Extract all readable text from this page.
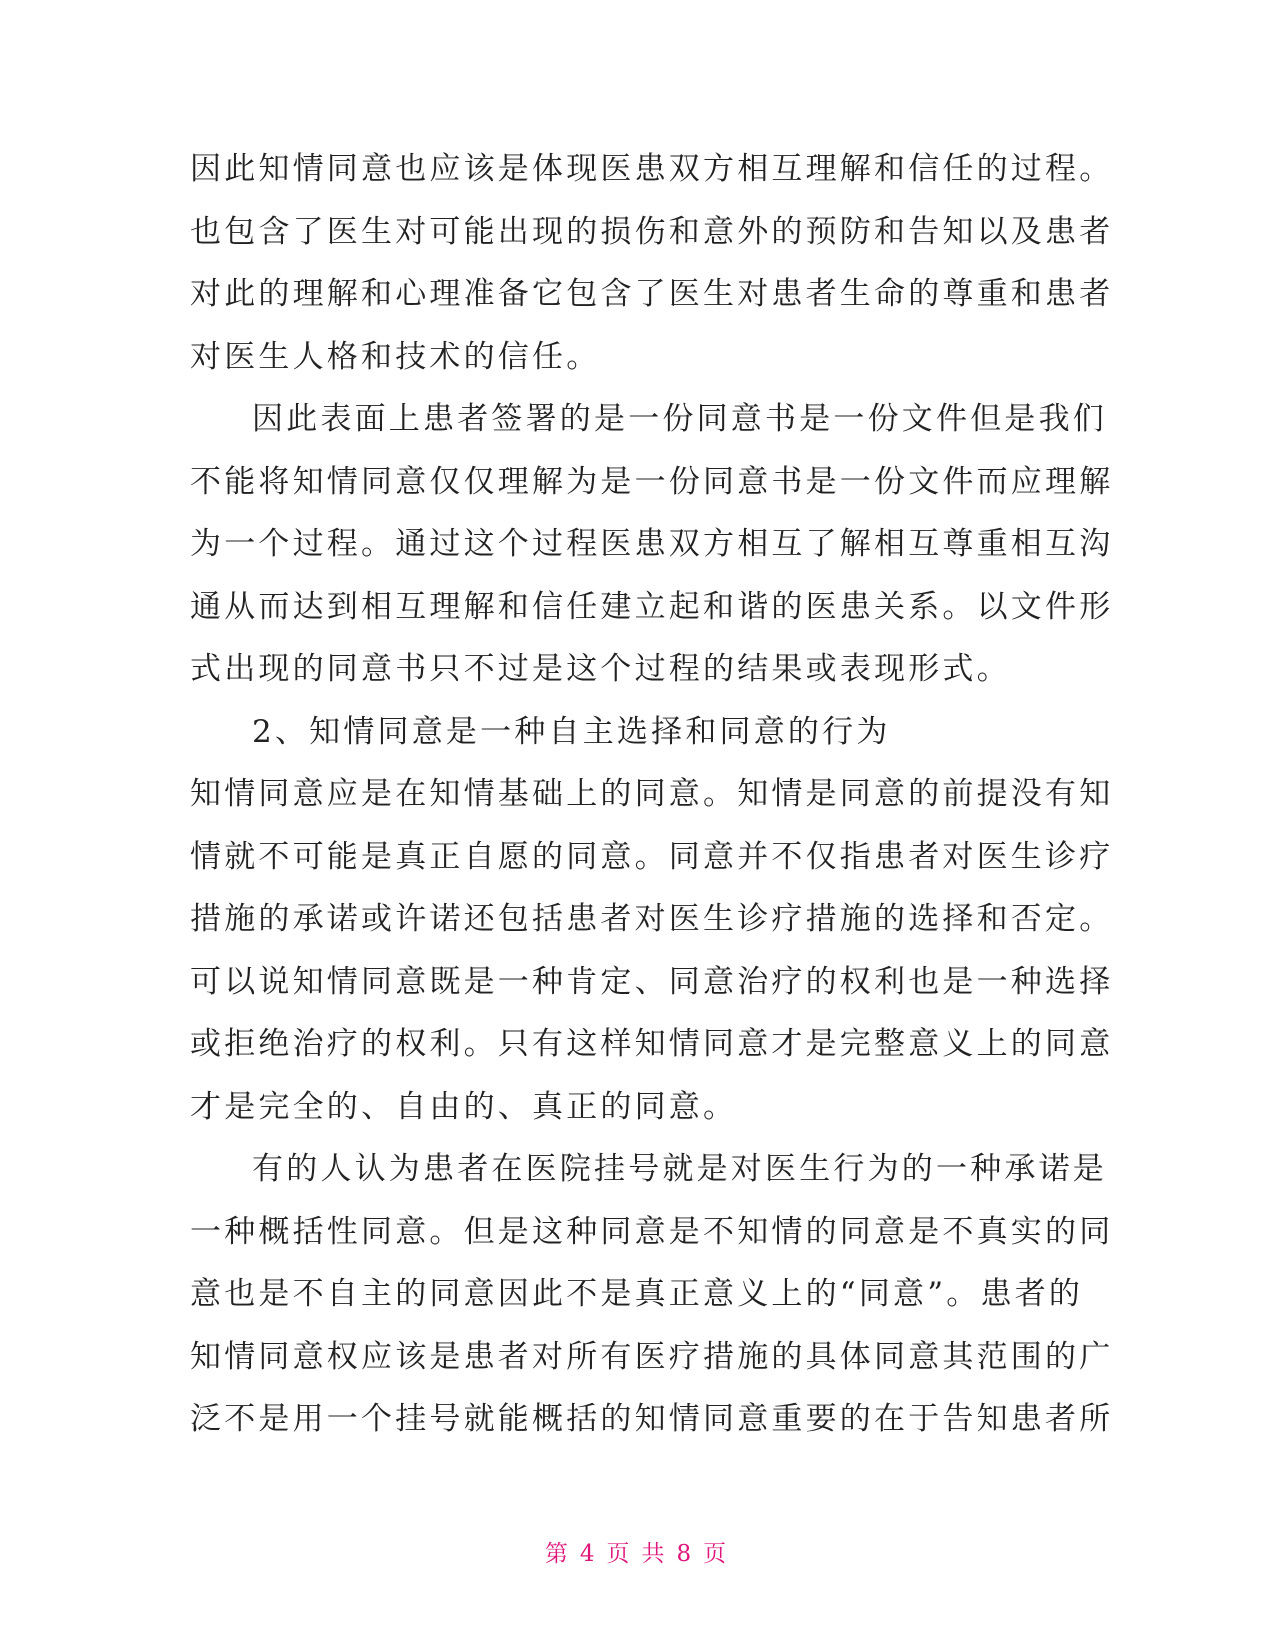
因此知情同意也应该是体现医患双方相互理解和信任的过程。
也包含了医生对可能出现的损伤和意外的预防和告知以及患者
对此的理解和心理准备它包含了医生对患者生命的尊重和患者
对医生人格和技术的信任。
因此表面上患者签署的是一份同意书是一份文件但是我们
不能将知情同意仅仅理解为是一份同意书是一份文件而应理解
为一个过程。通过这个过程医患双方相互了解相互尊重相互沟
通从而达到相互理解和信任建立起和谐的医患关系。以文件形
式出现的同意书只不过是这个过程的结果或表现形式。
2、知情同意是一种自主选择和同意的行为
知情同意应是在知情基础上的同意。知情是同意的前提没有知
情就不可能是真正自愿的同意。同意并不仅指患者对医生诊疗
措施的承诺或许诺还包括患者对医生诊疗措施的选择和否定。
可以说知情同意既是一种肯定、同意治疗的权利也是一种选择
或拒绝治疗的权利。只有这样知情同意才是完整意义上的同意
才是完全的、自由的、真正的同意。
有的人认为患者在医院挂号就是对医生行为的一种承诺是
一种概括性同意。但是这种同意是不知情的同意是不真实的同
意也是不自主的同意因此不是真正意义上的“同意”。患者的
知情同意权应该是患者对所有医疗措施的具体同意其范围的广
泛不是用一个挂号就能概括的知情同意重要的在于告知患者所
第 4 页 共 8 页
